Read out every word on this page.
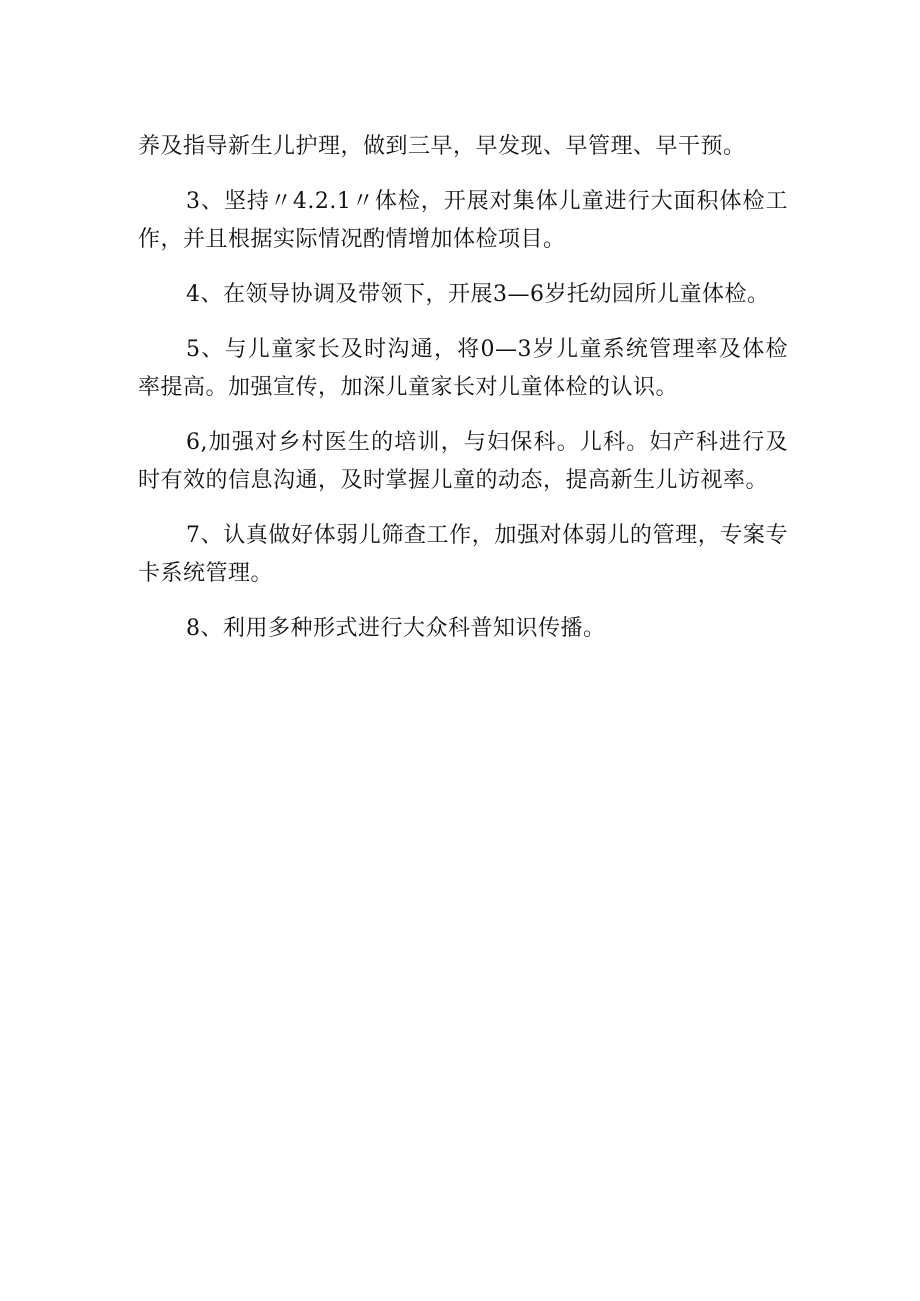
养及指导新生儿护理，做到三早，早发现、早管理、早干预。

3、坚持〃4.2.1〃体检，开展对集体儿童进行大面积体检工作，并且根据实际情况酌情增加体检项目。

4、在领导协调及带领下，开展3—6岁托幼园所儿童体检。

5、与儿童家长及时沟通，将0—3岁儿童系统管理率及体检率提高。加强宣传，加深儿童家长对儿童体检的认识。

6,加强对乡村医生的培训，与妇保科。儿科。妇产科进行及时有效的信息沟通，及时掌握儿童的动态，提高新生儿访视率。

7、认真做好体弱儿筛查工作，加强对体弱儿的管理，专案专卡系统管理。

8、利用多种形式进行大众科普知识传播。
